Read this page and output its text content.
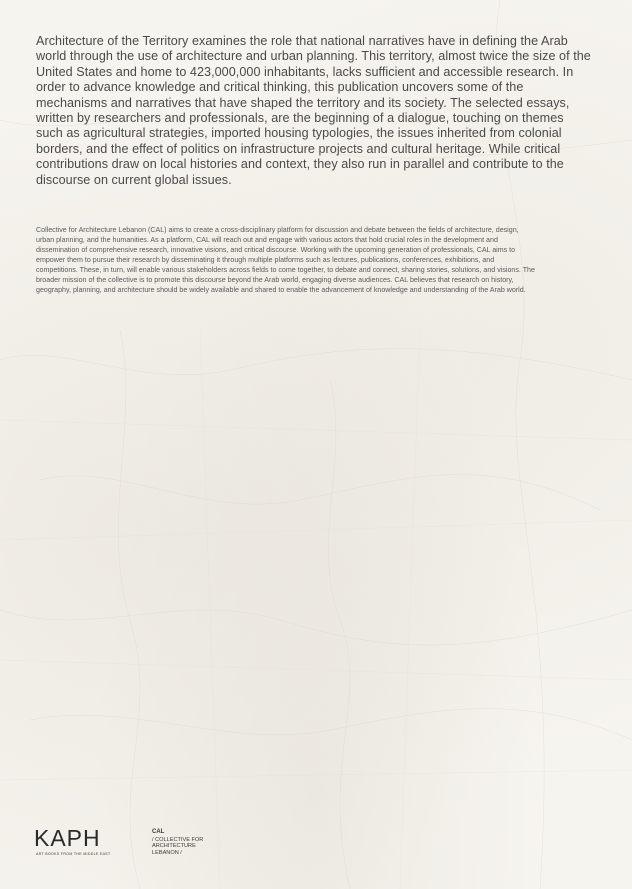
Architecture of the Territory examines the role that national narratives have in defining the Arab world through the use of architecture and urban planning. This territory, almost twice the size of the United States and home to 423,000,000 inhabitants, lacks sufficient and accessible research. In order to advance knowledge and critical thinking, this publication uncovers some of the mechanisms and narratives that have shaped the territory and its society. The selected essays, written by researchers and professionals, are the beginning of a dialogue, touching on themes such as agricultural strategies, imported housing typologies, the issues inherited from colonial borders, and the effect of politics on infrastructure projects and cultural heritage. While critical contributions draw on local histories and context, they also run in parallel and contribute to the discourse on current global issues.

Collective for Architecture Lebanon (CAL) aims to create a cross-disciplinary platform for discussion and debate between the fields of architecture, design, urban planning, and the humanities. As a platform, CAL will reach out and engage with various actors that hold crucial roles in the development and dissemination of comprehensive research, innovative visions, and critical discourse. Working with the upcoming generation of professionals, CAL aims to empower them to pursue their research by disseminating it through multiple platforms such as lectures, publications, conferences, exhibitions, and competitions. These, in turn, will enable various stakeholders across fields to come together, to debate and connect, sharing stories, solutions, and visions. The broader mission of the collective is to promote this discourse beyond the Arab world, engaging diverse audiences. CAL believes that research on history, geography, planning, and architecture should be widely available and shared to enable the advancement of knowledge and understanding of the Arab world.

KAPH
ART BOOKS FROM THE MIDDLE EAST
CAL
/ COLLECTIVE FOR ARCHITECTURE LEBANON /
